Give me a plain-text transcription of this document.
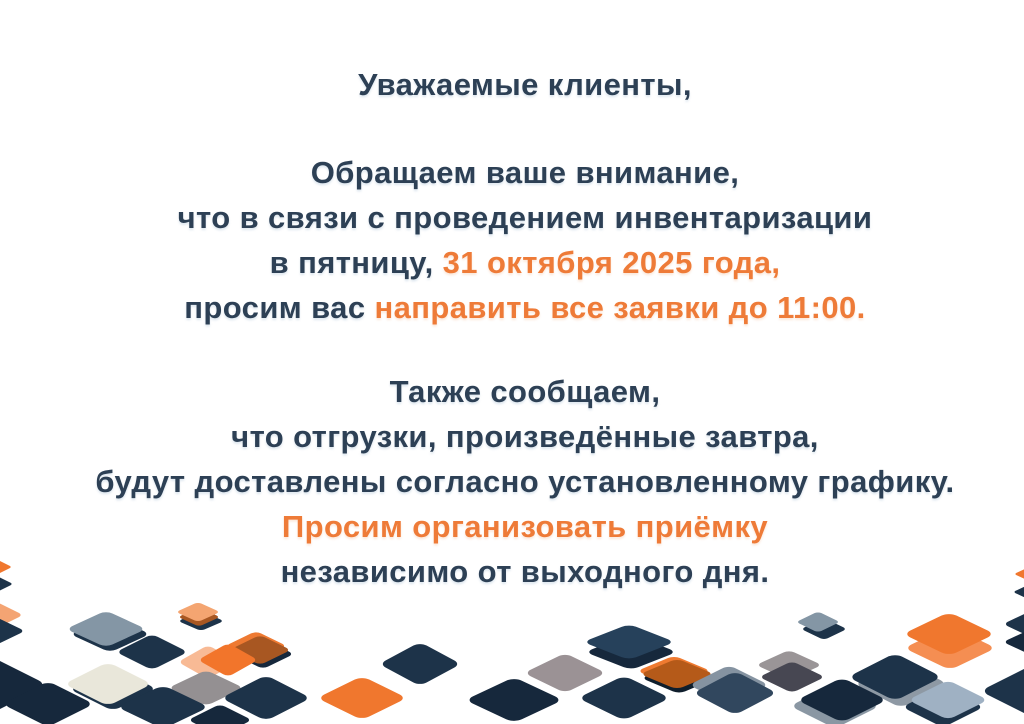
Уважаемые клиенты,
Обращаем ваше внимание,
что в связи с проведением инвентаризации
в пятницу, 31 октября 2025 года,
просим вас направить все заявки до 11:00.
Также сообщаем,
что отгрузки, произведённые завтра,
будут доставлены согласно установленному графику.
Просим организовать приёмку
независимо от выходного дня.
